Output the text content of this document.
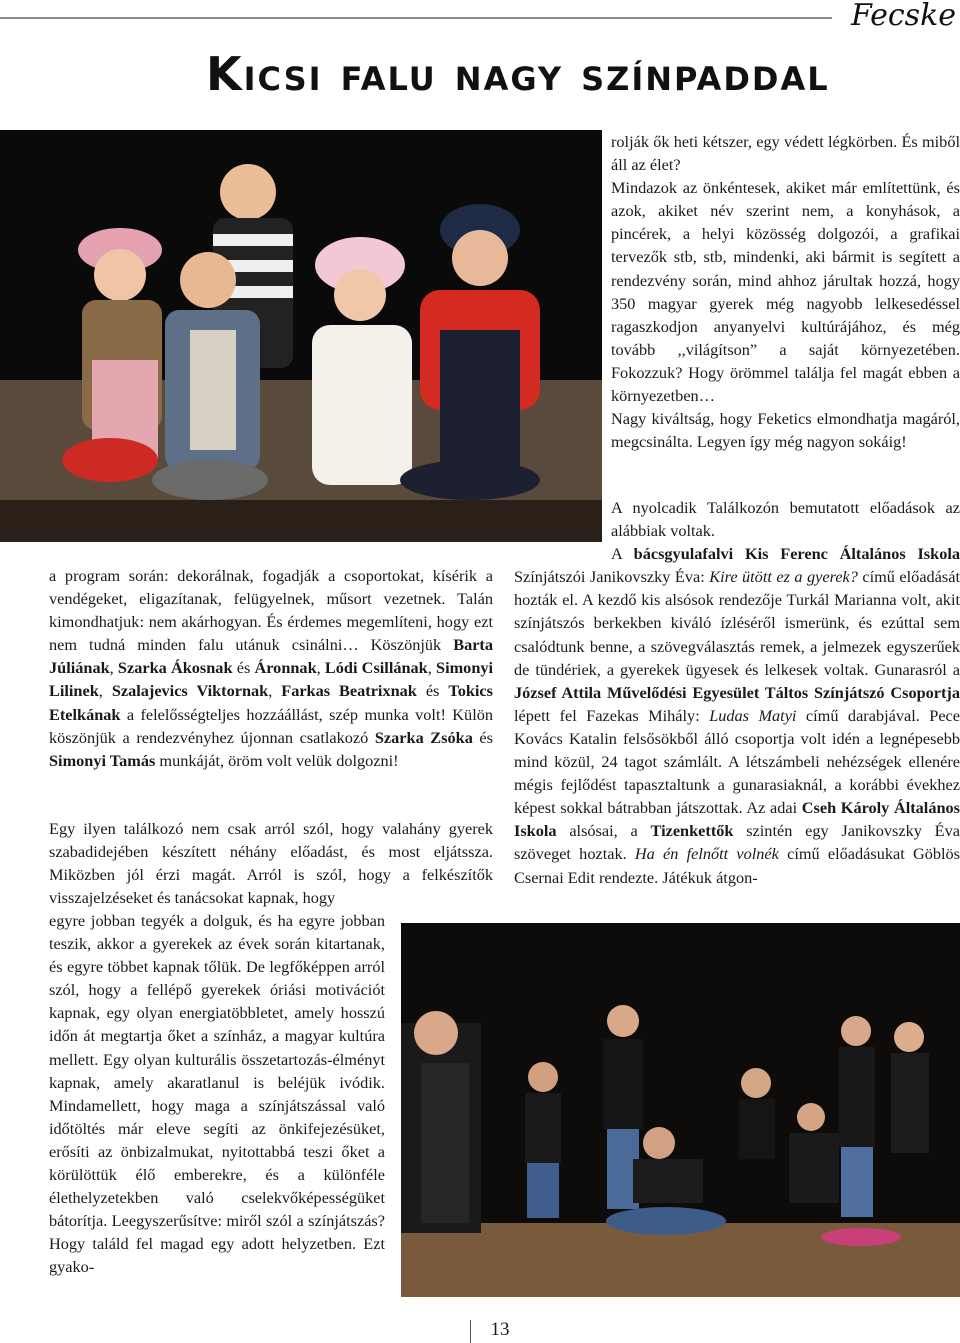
Fecske
Kicsi falu nagy színpaddal

rolják ők heti kétszer, egy védett légkörben. És miből áll az élet?

Mindazok az önkéntesek, akiket már említettünk, és azok, akiket név szerint nem, a konyhások, a pincérek, a helyi közösség dolgozói, a grafikai tervezők stb, stb, mindenki, aki bármit is segített a rendezvény során, mind ahhoz járultak hozzá, hogy 350 magyar gyerek még nagyobb lelkesedéssel ragaszkodjon anyanyelvi kultúrájához, és még tovább ,,világítson” a saját környezetében. Fokozzuk? Hogy örömmel találja fel magát ebben a környezetben…

Nagy kiváltság, hogy Feketics elmondhatja magáról, megcsinálta. Legyen így még nagyon sokáig!

A nyolcadik Találkozón bemutatott előadások az alábbiak voltak.

A bácsgyulafalvi Kis Ferenc Általános Iskola Színjátszói Janikovszky Éva: Kire ütött ez a gyerek? című előadását hozták el. A kezdő kis alsósok rendezője Turkál Marianna volt, akit színjátszós berkekben kiváló ízléséről ismerünk, és ezúttal sem csalódtunk benne, a szövegválasztás remek, a jelmezek egyszerűek de tündériek, a gyerekek ügyesek és lelkesek voltak. Gunarasról a József Attila Művelődési Egyesület Táltos Színjátszó Csoportja lépett fel Fazekas Mihály: Ludas Matyi című darabjával. Pece Kovács Katalin felsősökből álló csoportja volt idén a legnépesebb mind közül, 24 tagot számlált. A létszámbeli nehézségek ellenére mégis fejlődést tapasztaltunk a gunarasiaknál, a korábbi évekhez képest sokkal bátrabban játszottak. Az adai Cseh Károly Általános Iskola alsósai, a Tizenkettők szintén egy Janikovszky Éva szöveget hoztak. Ha én felnőtt volnék című előadásukat Göblös Csernai Edit rendezte. Játékuk átgon-

a program során: dekorálnak, fogadják a csoportokat, kísérik a vendégeket, eligazítanak, felügyelnek, műsort vezetnek. Talán kimondhatjuk: nem akárhogyan. És érdemes megemlíteni, hogy ezt nem tudná minden falu utánuk csinálni… Köszönjük Barta Júliának, Szarka Ákosnak és Áronnak, Lódi Csillának, Simonyi Lilinek, Szalajevics Viktornak, Farkas Beatrixnak és Tokics Etelkának a felelősségteljes hozzáállást, szép munka volt! Külön köszönjük a rendezvényhez újonnan csatlakozó Szarka Zsóka és Simonyi Tamás munkáját, öröm volt velük dolgozni!

Egy ilyen találkozó nem csak arról szól, hogy valahány gyerek szabadidejében készített néhány előadást, és most eljátssza. Miközben jól érzi magát. Arról is szól, hogy a felkészítők visszajelzéseket és tanácsokat kapnak, hogy

egyre jobban tegyék a dolguk, és ha egyre jobban teszik, akkor a gyerekek az évek során kitartanak, és egyre többet kapnak tőlük. De legfőképpen arról szól, hogy a fellépő gyerekek óriási motivációt kapnak, egy olyan energiatöbbletet, amely hosszú időn át megtartja őket a színház, a magyar kultúra mellett. Egy olyan kulturális összetartozás-élményt kapnak, amely akaratlanul is beléjük ivódik. Mindamellett, hogy maga a színjátszással való időtöltés már eleve segíti az önkifejezésüket, erősíti az önbizalmukat, nyitottabbá teszi őket a körülöttük élő emberekre, és a különféle élethelyzetekben való cselekvőképességüket bátorítja. Leegyszerűsítve: miről szól a színjátszás? Hogy találd fel magad egy adott helyzetben. Ezt gyako-

13
